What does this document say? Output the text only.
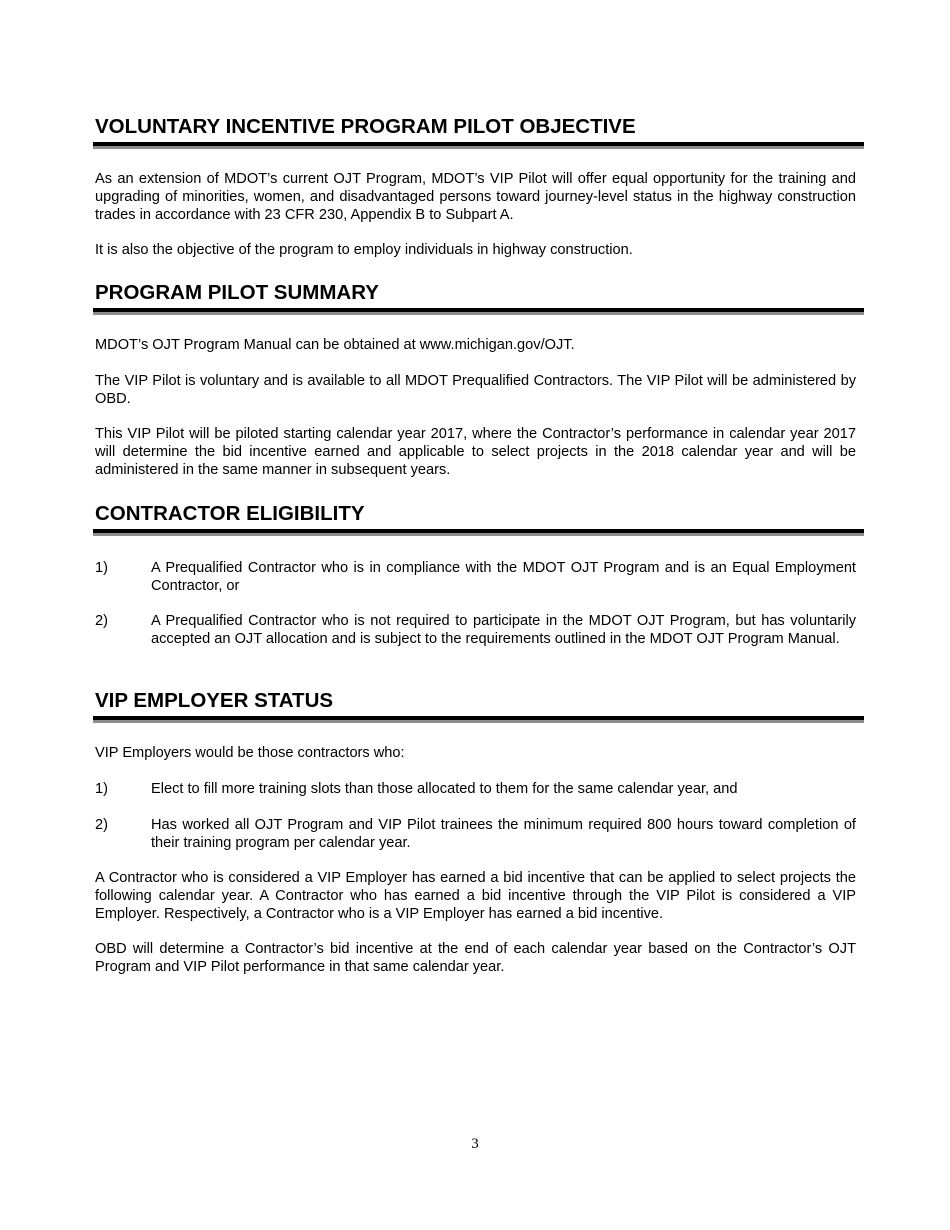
VOLUNTARY INCENTIVE PROGRAM PILOT OBJECTIVE

As an extension of MDOT’s current OJT Program, MDOT’s VIP Pilot will offer equal opportunity for the training and upgrading of minorities, women, and disadvantaged persons toward journey-level status in the highway construction trades in accordance with 23 CFR 230, Appendix B to Subpart A.

It is also the objective of the program to employ individuals in highway construction.

PROGRAM PILOT SUMMARY

MDOT’s OJT Program Manual can be obtained at www.michigan.gov/OJT.

The VIP Pilot is voluntary and is available to all MDOT Prequalified Contractors. The VIP Pilot will be administered by OBD.

This VIP Pilot will be piloted starting calendar year 2017, where the Contractor’s performance in calendar year 2017 will determine the bid incentive earned and applicable to select projects in the 2018 calendar year and will be administered in the same manner in subsequent years.

CONTRACTOR ELIGIBILITY
1)	A Prequalified Contractor who is in compliance with the MDOT OJT Program and is an Equal Employment Contractor, or
2)	A Prequalified Contractor who is not required to participate in the MDOT OJT Program, but has voluntarily accepted an OJT allocation and is subject to the requirements outlined in the MDOT OJT Program Manual.
VIP EMPLOYER STATUS

VIP Employers would be those contractors who:

1)	Elect to fill more training slots than those allocated to them for the same calendar year, and
2)	Has worked all OJT Program and VIP Pilot trainees the minimum required 800 hours toward completion of their training program per calendar year.

A Contractor who is considered a VIP Employer has earned a bid incentive that can be applied to select projects the following calendar year. A Contractor who has earned a bid incentive through the VIP Pilot is considered a VIP Employer. Respectively, a Contractor who is a VIP Employer has earned a bid incentive.

OBD will determine a Contractor’s bid incentive at the end of each calendar year based on the Contractor’s OJT Program and VIP Pilot performance in that same calendar year.

3
